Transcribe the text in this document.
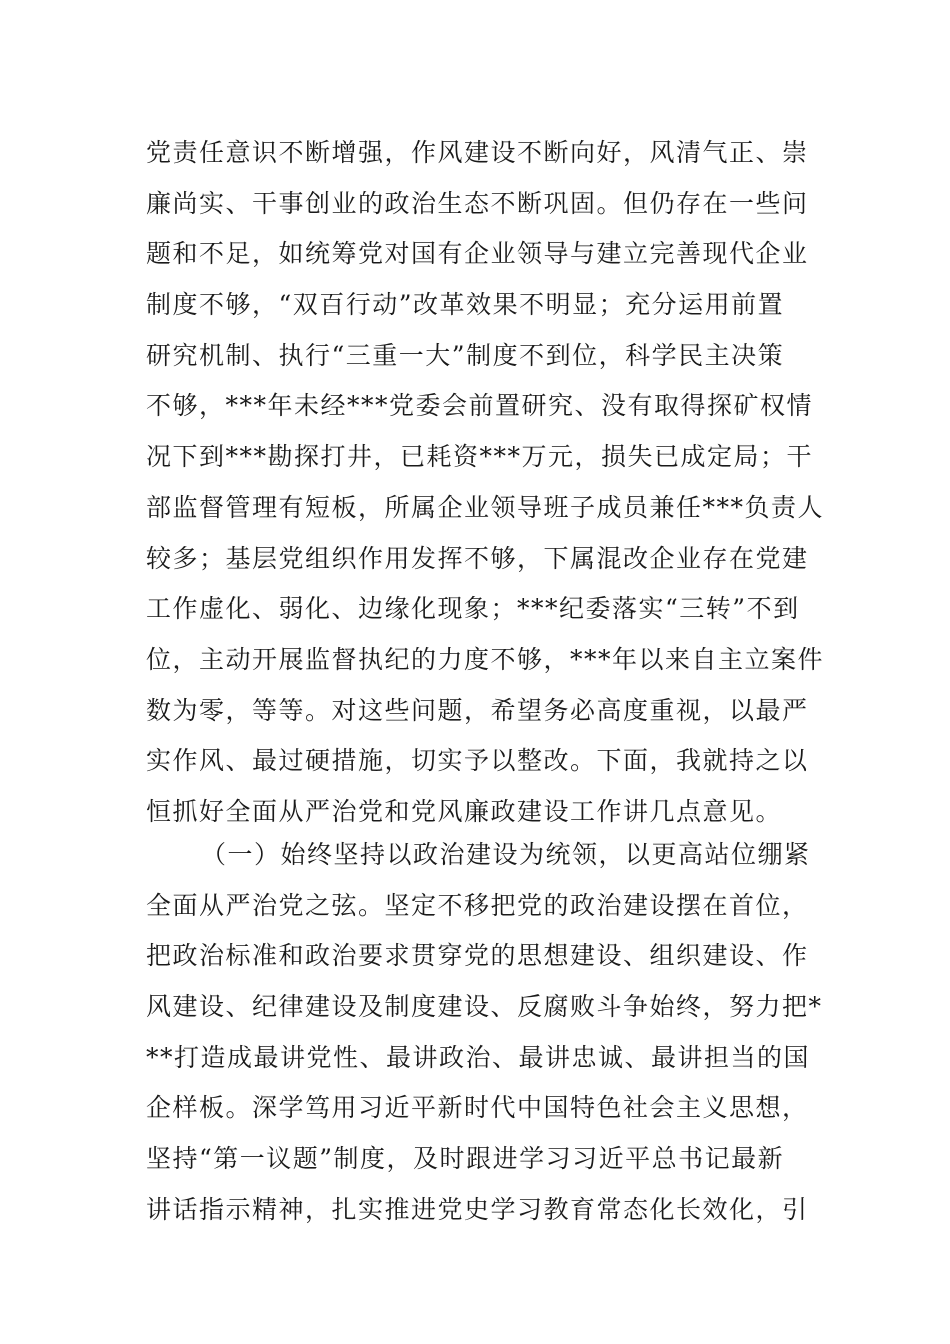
党责任意识不断增强，作风建设不断向好，风清气正、崇
廉尚实、干事创业的政治生态不断巩固。但仍存在一些问
题和不足，如统筹党对国有企业领导与建立完善现代企业
制度不够，“双百行动”改革效果不明显；充分运用前置
研究机制、执行“三重一大”制度不到位，科学民主决策
不够，***年未经***党委会前置研究、没有取得探矿权情
况下到***勘探打井，已耗资***万元，损失已成定局；干
部监督管理有短板，所属企业领导班子成员兼任***负责人
较多；基层党组织作用发挥不够，下属混改企业存在党建
工作虚化、弱化、边缘化现象；***纪委落实“三转”不到
位，主动开展监督执纪的力度不够，***年以来自主立案件
数为零，等等。对这些问题，希望务必高度重视，以最严
实作风、最过硬措施，切实予以整改。下面，我就持之以
恒抓好全面从严治党和党风廉政建设工作讲几点意见。
（一）始终坚持以政治建设为统领，以更高站位绷紧
全面从严治党之弦。坚定不移把党的政治建设摆在首位，
把政治标准和政治要求贯穿党的思想建设、组织建设、作
风建设、纪律建设及制度建设、反腐败斗争始终，努力把*
**打造成最讲党性、最讲政治、最讲忠诚、最讲担当的国
企样板。深学笃用习近平新时代中国特色社会主义思想，
坚持“第一议题”制度，及时跟进学习习近平总书记最新
讲话指示精神，扎实推进党史学习教育常态化长效化，引
